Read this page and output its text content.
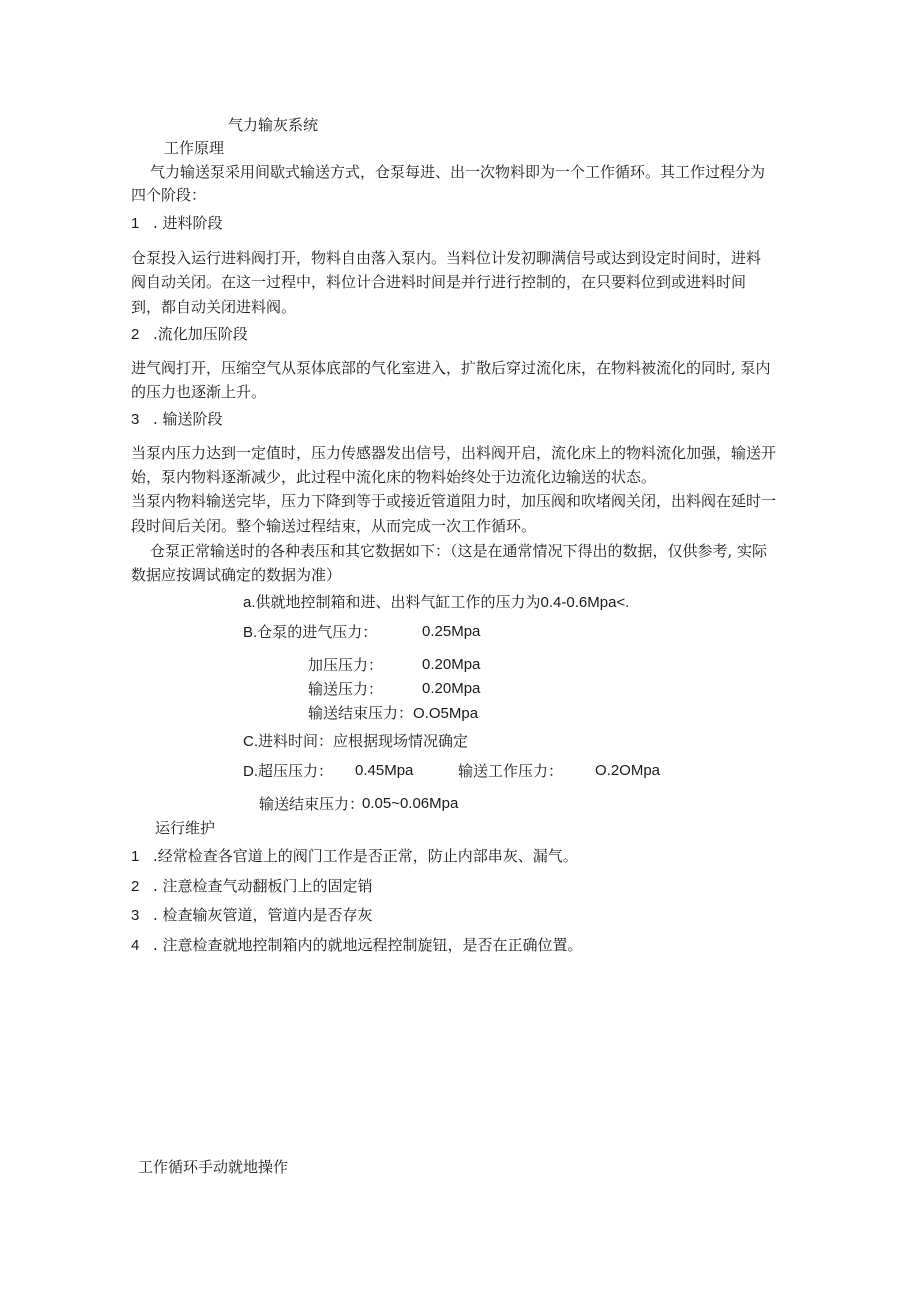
气力输灰系统
工作原理
气力输送泵采用间歇式输送方式，仓泵每进、出一次物料即为一个工作循环。其工作过程分为
四个阶段：
1 . 进料阶段
仓泵投入运行进料阀打开，物料自由落入泵内。当料位计发初聊满信号或达到设定时间时，进料
阀自动关闭。在这一过程中，料位计合进料时间是并行进行控制的，在只要料位到或进料时间
到，都自动关闭进料阀。
2 .流化加压阶段
进气阀打开，压缩空气从泵体底部的气化室进入，扩散后穿过流化床，在物料被流化的同时, 泵内
的压力也逐渐上升。
3 . 输送阶段
当泵内压力达到一定值时，压力传感器发出信号，出料阀开启，流化床上的物料流化加强，输送开
始，泵内物料逐渐减少，此过程中流化床的物料始终处于边流化边输送的状态。
当泵内物料输送完毕，压力下降到等于或接近管道阻力时，加压阀和吹堵阀关闭，出料阀在延时一
段时间后关闭。整个输送过程结束，从而完成一次工作循环。
仓泵正常输送时的各种表压和其它数据如下：（这是在通常情况下得出的数据，仅供参考, 实际
数据应按调试确定的数据为准）
a.供就地控制箱和进、出料气缸工作的压力为0.4-0.6Mpa<.
B.仓泵的进气压力：	0.25Mpa
加压压力：	0.20Mpa
输送压力：	0.20Mpa
输送结束压力：O.O5Mpa
C.进料时间：应根据现场情况确定
D.超压压力： 0.45Mpa	输送工作压力： O.2OMpa
输送结束压力：
0.05~0.06Mpa
运行维护
1 .经常检查各官道上的阀门工作是否正常，防止内部串灰、漏气。
2 . 注意检查气动翻板门上的固定销
3 . 检查输灰管道，管道内是否存灰
4 . 注意检查就地控制箱内的就地远程控制旋钮，是否在正确位置。
工作循环手动就地操作
